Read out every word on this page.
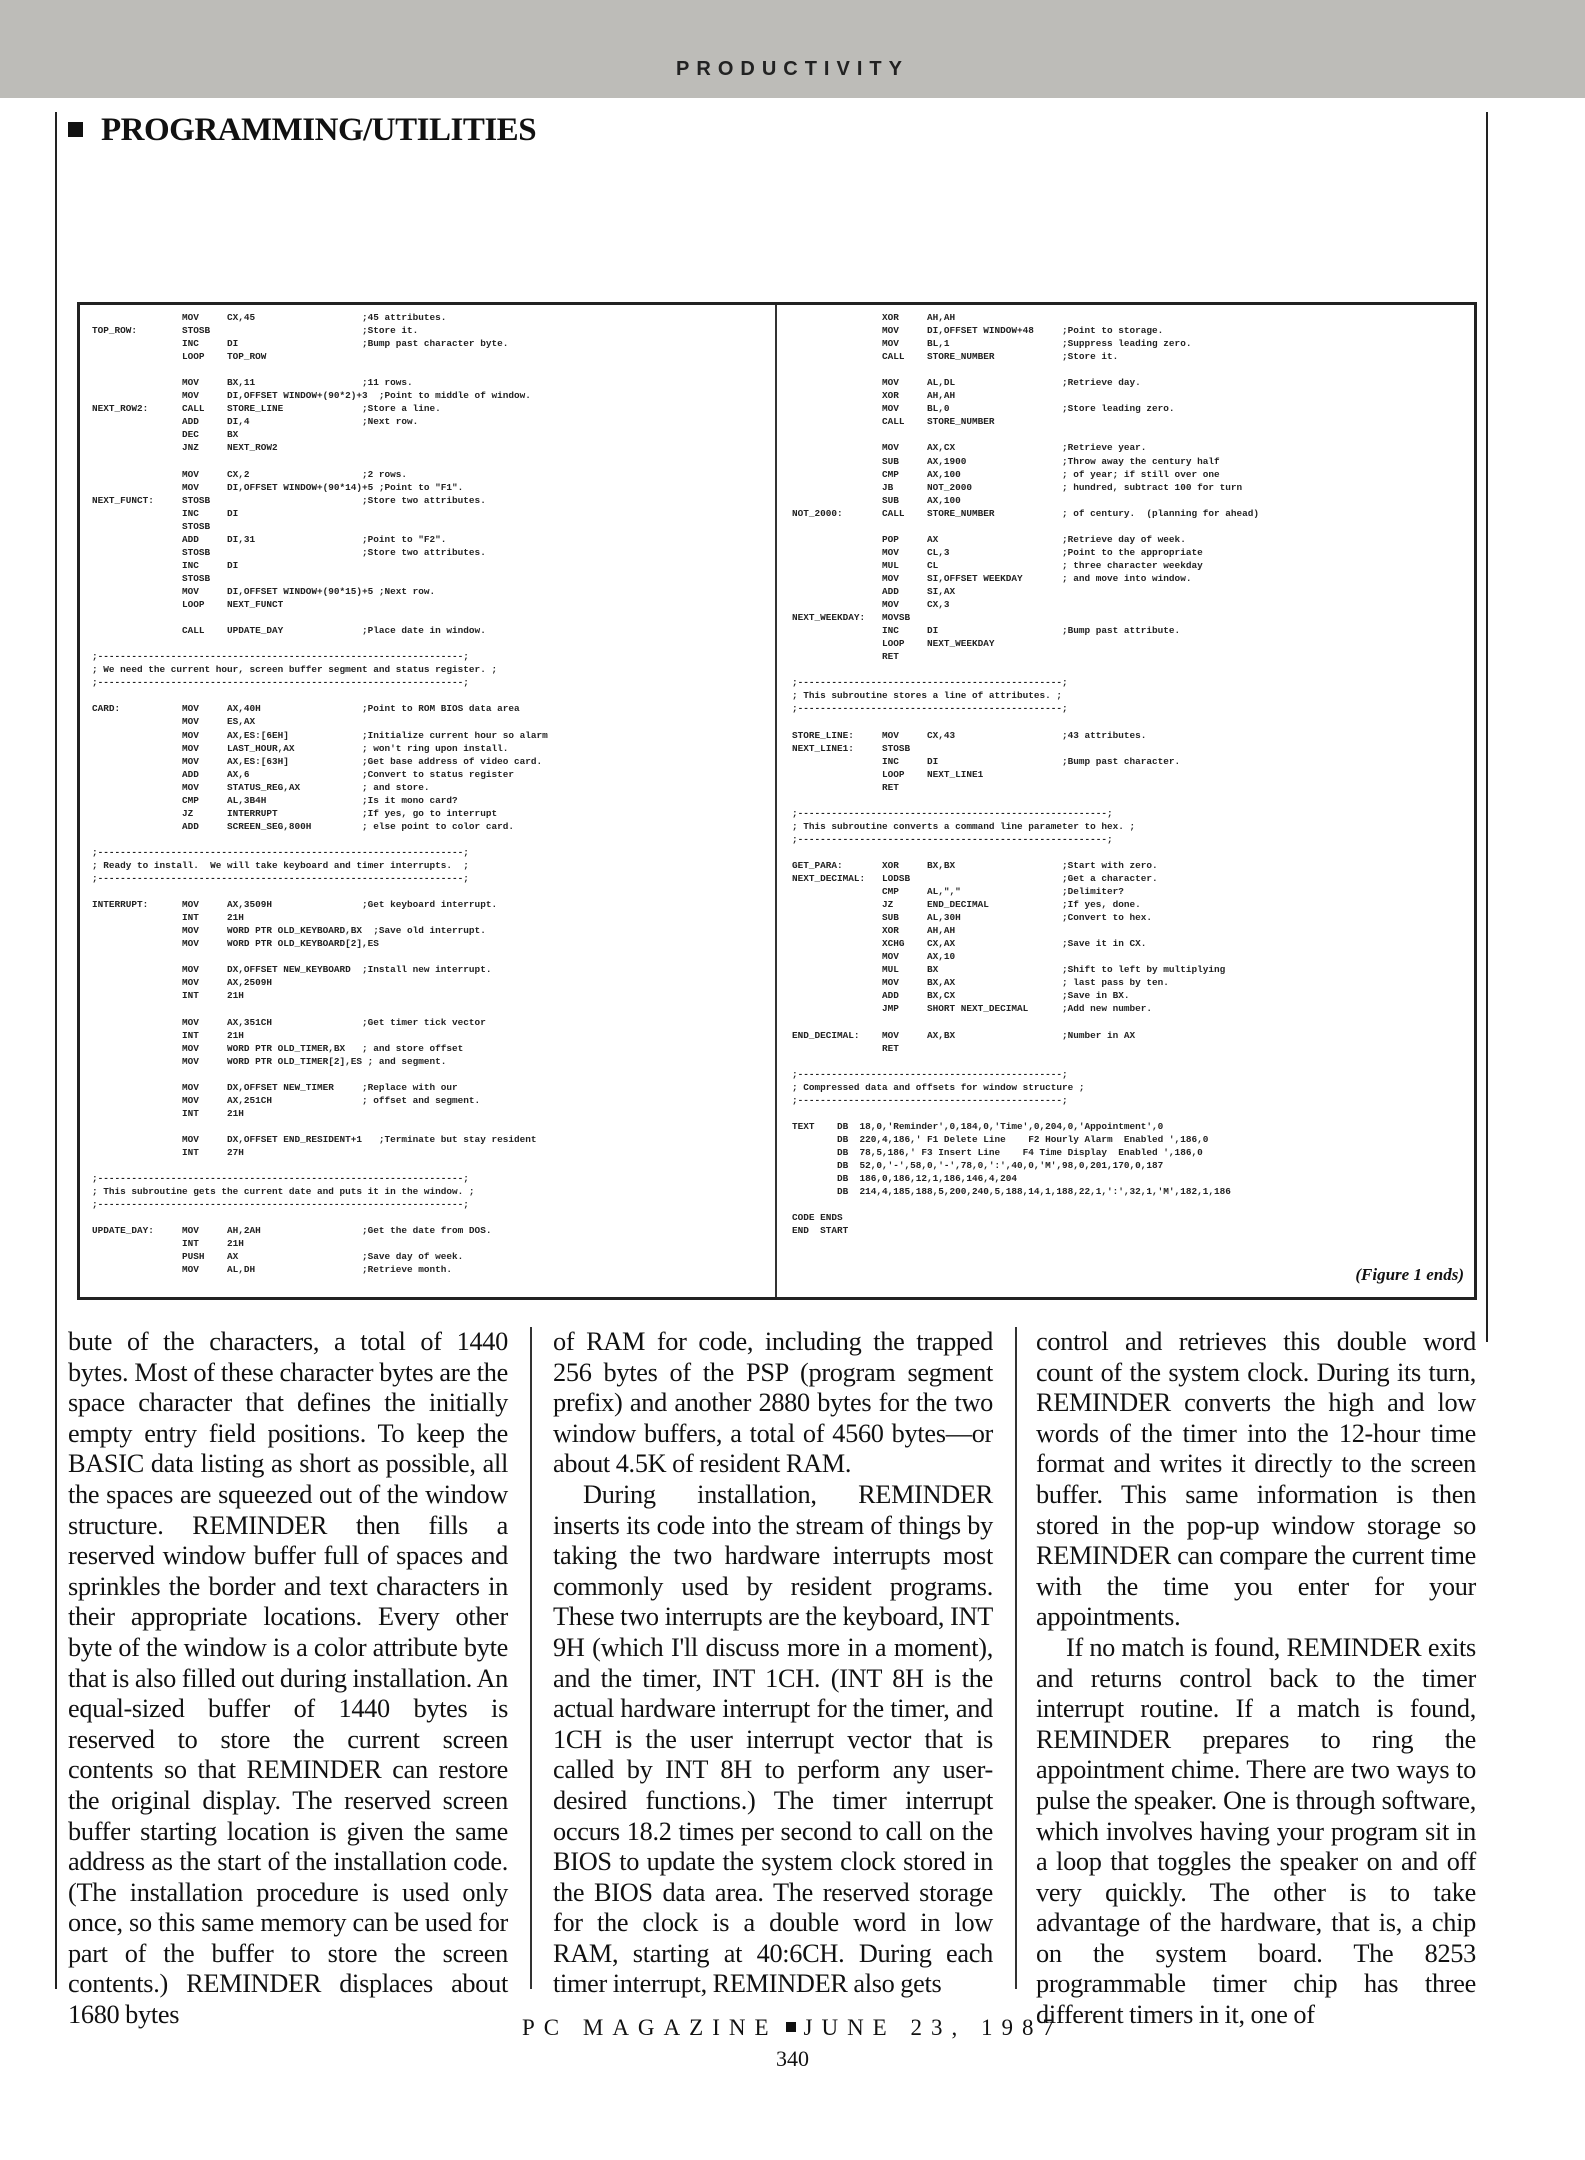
PRODUCTIVITY
PROGRAMMING/UTILITIES
MOV     CX,45                   ;45 attributes.
TOP_ROW:        STOSB                           ;Store it.
INC     DI                      ;Bump past character byte.
LOOP    TOP_ROW

MOV     BX,11                   ;11 rows.
MOV     DI,OFFSET WINDOW+(90*2)+3  ;Point to middle of window.
NEXT_ROW2:      CALL    STORE_LINE              ;Store a line.
ADD     DI,4                    ;Next row.
DEC     BX
JNZ     NEXT_ROW2

MOV     CX,2                    ;2 rows.
MOV     DI,OFFSET WINDOW+(90*14)+5 ;Point to "F1".
NEXT_FUNCT:     STOSB                           ;Store two attributes.
INC     DI
STOSB
ADD     DI,31                   ;Point to "F2".
STOSB                           ;Store two attributes.
INC     DI
STOSB
MOV     DI,OFFSET WINDOW+(90*15)+5 ;Next row.
LOOP    NEXT_FUNCT

CALL    UPDATE_DAY              ;Place date in window.

;-----------------------------------------------------------------;
; We need the current hour, screen buffer segment and status register. ;
;-----------------------------------------------------------------;

CARD:           MOV     AX,40H                  ;Point to ROM BIOS data area
MOV     ES,AX
MOV     AX,ES:[6EH]             ;Initialize current hour so alarm
MOV     LAST_HOUR,AX            ; won't ring upon install.
MOV     AX,ES:[63H]             ;Get base address of video card.
ADD     AX,6                    ;Convert to status register
MOV     STATUS_REG,AX           ; and store.
CMP     AL,3B4H                 ;Is it mono card?
JZ      INTERRUPT               ;If yes, go to interrupt
ADD     SCREEN_SEG,800H         ; else point to color card.

;-----------------------------------------------------------------;
; Ready to install.  We will take keyboard and timer interrupts.  ;
;-----------------------------------------------------------------;

INTERRUPT:      MOV     AX,3509H                ;Get keyboard interrupt.
INT     21H
MOV     WORD PTR OLD_KEYBOARD,BX  ;Save old interrupt.
MOV     WORD PTR OLD_KEYBOARD[2],ES

MOV     DX,OFFSET NEW_KEYBOARD  ;Install new interrupt.
MOV     AX,2509H
INT     21H

MOV     AX,351CH                ;Get timer tick vector
INT     21H
MOV     WORD PTR OLD_TIMER,BX   ; and store offset
MOV     WORD PTR OLD_TIMER[2],ES ; and segment.

MOV     DX,OFFSET NEW_TIMER     ;Replace with our
MOV     AX,251CH                ; offset and segment.
INT     21H

MOV     DX,OFFSET END_RESIDENT+1   ;Terminate but stay resident
INT     27H

;-----------------------------------------------------------------;
; This subroutine gets the current date and puts it in the window. ;
;-----------------------------------------------------------------;

UPDATE_DAY:     MOV     AH,2AH                  ;Get the date from DOS.
INT     21H
PUSH    AX                      ;Save day of week.
MOV     AL,DH                   ;Retrieve month.
XOR     AH,AH
MOV     DI,OFFSET WINDOW+48     ;Point to storage.
MOV     BL,1                    ;Suppress leading zero.
CALL    STORE_NUMBER            ;Store it.

MOV     AL,DL                   ;Retrieve day.
XOR     AH,AH
MOV     BL,0                    ;Store leading zero.
CALL    STORE_NUMBER

MOV     AX,CX                   ;Retrieve year.
SUB     AX,1900                 ;Throw away the century half
CMP     AX,100                  ; of year; if still over one
JB      NOT_2000                ; hundred, subtract 100 for turn
SUB     AX,100
NOT_2000:       CALL    STORE_NUMBER            ; of century.  (planning for ahead)

POP     AX                      ;Retrieve day of week.
MOV     CL,3                    ;Point to the appropriate
MUL     CL                      ; three character weekday
MOV     SI,OFFSET WEEKDAY       ; and move into window.
ADD     SI,AX
MOV     CX,3
NEXT_WEEKDAY:   MOVSB
INC     DI                      ;Bump past attribute.
LOOP    NEXT_WEEKDAY
RET

;-----------------------------------------------;
; This subroutine stores a line of attributes. ;
;-----------------------------------------------;

STORE_LINE:     MOV     CX,43                   ;43 attributes.
NEXT_LINE1:     STOSB
INC     DI                      ;Bump past character.
LOOP    NEXT_LINE1
RET

;-------------------------------------------------------;
; This subroutine converts a command line parameter to hex. ;
;-------------------------------------------------------;

GET_PARA:       XOR     BX,BX                   ;Start with zero.
NEXT_DECIMAL:   LODSB                           ;Get a character.
CMP     AL,","                  ;Delimiter?
JZ      END_DECIMAL             ;If yes, done.
SUB     AL,30H                  ;Convert to hex.
XOR     AH,AH
XCHG    CX,AX                   ;Save it in CX.
MOV     AX,10
MUL     BX                      ;Shift to left by multiplying
MOV     BX,AX                   ; last pass by ten.
ADD     BX,CX                   ;Save in BX.
JMP     SHORT NEXT_DECIMAL      ;Add new number.

END_DECIMAL:    MOV     AX,BX                   ;Number in AX
RET

;-----------------------------------------------;
; Compressed data and offsets for window structure ;
;-----------------------------------------------;

TEXT    DB  18,0,'Reminder',0,184,0,'Time',0,204,0,'Appointment',0
DB  220,4,186,' F1 Delete Line    F2 Hourly Alarm  Enabled ',186,0
DB  78,5,186,' F3 Insert Line    F4 Time Display  Enabled ',186,0
DB  52,0,'-',58,0,'-',78,0,':',40,0,'M',98,0,201,170,0,187
DB  186,0,186,12,1,186,146,4,204
DB  214,4,185,188,5,200,240,5,188,14,1,188,22,1,':',32,1,'M',182,1,186

CODE ENDS
END  START
(Figure 1 ends)

bute of the characters, a total of 1440 bytes. Most of these character bytes are the space character that defines the initially empty entry field positions. To keep the BASIC data listing as short as possible, all the spaces are squeezed out of the window structure. REMINDER then fills a reserved window buffer full of spaces and sprinkles the border and text characters in their appropriate locations. Every other byte of the window is a color attribute byte that is also filled out during installation. An equal-sized buffer of 1440 bytes is reserved to store the current screen contents so that REMINDER can restore the original display. The reserved screen buffer starting location is given the same address as the start of the installation code. (The installation procedure is used only once, so this same memory can be used for part of the buffer to store the screen contents.) REMINDER displaces about 1680 bytes

of RAM for code, including the trapped 256 bytes of the PSP (program segment prefix) and another 2880 bytes for the two window buffers, a total of 4560 bytes—or about 4.5K of resident RAM.

During installation, REMINDER inserts its code into the stream of things by taking the two hardware interrupts most commonly used by resident programs. These two interrupts are the keyboard, INT 9H (which I'll discuss more in a moment), and the timer, INT 1CH. (INT 8H is the actual hardware interrupt for the timer, and 1CH is the user interrupt vector that is called by INT 8H to perform any user-desired functions.) The timer interrupt occurs 18.2 times per second to call on the BIOS to update the system clock stored in the BIOS data area. The reserved storage for the clock is a double word in low RAM, starting at 40:6CH. During each timer interrupt, REMINDER also gets

control and retrieves this double word count of the system clock. During its turn, REMINDER converts the high and low words of the timer into the 12-hour time format and writes it directly to the screen buffer. This same information is then stored in the pop-up window storage so REMINDER can compare the current time with the time you enter for your appointments.

If no match is found, REMINDER exits and returns control back to the timer interrupt routine. If a match is found, REMINDER prepares to ring the appointment chime. There are two ways to pulse the speaker. One is through software, which involves having your program sit in a loop that toggles the speaker on and off very quickly. The other is to take advantage of the hardware, that is, a chip on the system board. The 8253 programmable timer chip has three different timers in it, one of

PC MAGAZINE JUNE 23, 1987
340
